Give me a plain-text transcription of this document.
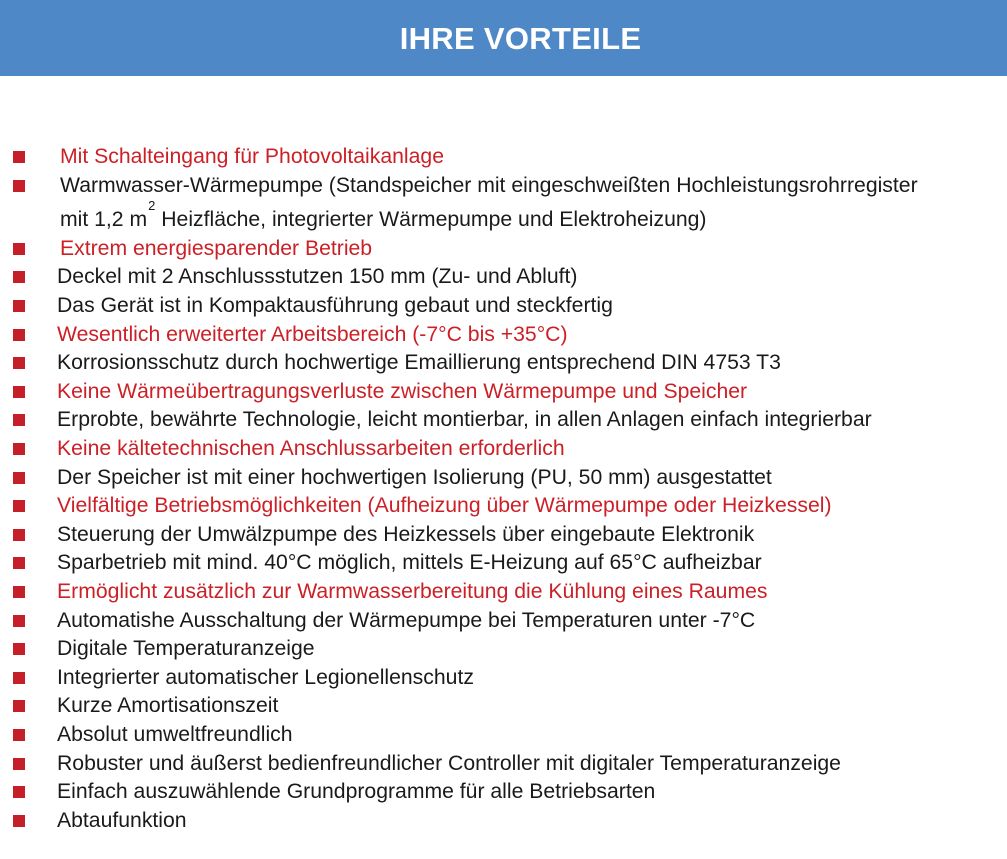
IHRE VORTEILE
Mit Schalteingang für Photovoltaikanlage
Warmwasser-Wärmepumpe (Standspeicher mit eingeschweißten Hochleistungsrohrregister
mit 1,2 $m^2$ Heizfläche, integrierter Wärmepumpe und Elektroheizung)
Extrem energiesparender Betrieb
Deckel mit 2 Anschlussstutzen 150 mm (Zu- und Abluft)
Das Gerät ist in Kompaktausführung gebaut und steckfertig
Wesentlich erweiterter Arbeitsbereich (-7°C bis +35°C)
Korrosionsschutz durch hochwertige Emaillierung entsprechend DIN 4753 T3
Keine Wärmeübertragungsverluste zwischen Wärmepumpe und Speicher
Erprobte, bewährte Technologie, leicht montierbar, in allen Anlagen einfach integrierbar
Keine kältetechnischen Anschlussarbeiten erforderlich
Der Speicher ist mit einer hochwertigen Isolierung (PU, 50 mm) ausgestattet
Vielfältige Betriebsmöglichkeiten (Aufheizung über Wärmepumpe oder Heizkessel)
Steuerung der Umwälzpumpe des Heizkessels über eingebaute Elektronik
Sparbetrieb mit mind. 40°C möglich, mittels E-Heizung auf 65°C aufheizbar
Ermöglicht zusätzlich zur Warmwasserbereitung die Kühlung eines Raumes
Automatishe Ausschaltung der Wärmepumpe bei Temperaturen unter -7°C
Digitale Temperaturanzeige
Integrierter automatischer Legionellenschutz
Kurze Amortisationszeit
Absolut umweltfreundlich
Robuster und äußerst bedienfreundlicher Controller mit digitaler Temperaturanzeige
Einfach auszuwählende Grundprogramme für alle Betriebsarten
Abtaufunktion
